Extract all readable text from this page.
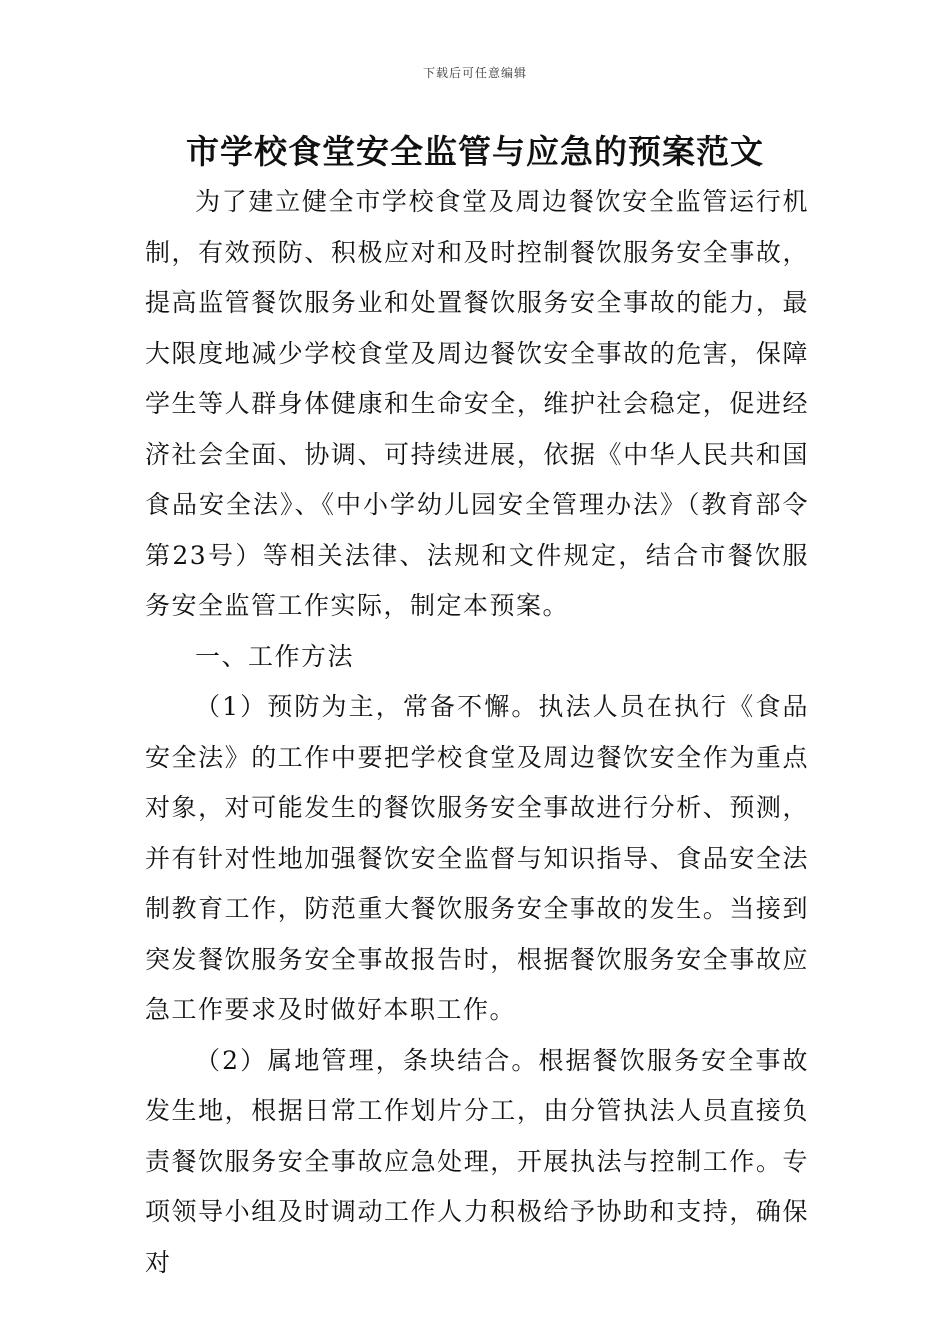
下载后可任意编辑
市学校食堂安全监管与应急的预案范文

为了建立健全市学校食堂及周边餐饮安全监管运行机制，有效预防、积极应对和及时控制餐饮服务安全事故，提高监管餐饮服务业和处置餐饮服务安全事故的能力，最大限度地减少学校食堂及周边餐饮安全事故的危害，保障学生等人群身体健康和生命安全，维护社会稳定，促进经济社会全面、协调、可持续进展，依据《中华人民共和国食品安全法》、《中小学幼儿园安全管理办法》（教育部令第23号）等相关法律、法规和文件规定，结合市餐饮服务安全监管工作实际，制定本预案。

一、工作方法

（1）预防为主，常备不懈。执法人员在执行《食品安全法》的工作中要把学校食堂及周边餐饮安全作为重点对象，对可能发生的餐饮服务安全事故进行分析、预测，并有针对性地加强餐饮安全监督与知识指导、食品安全法制教育工作，防范重大餐饮服务安全事故的发生。当接到突发餐饮服务安全事故报告时，根据餐饮服务安全事故应急工作要求及时做好本职工作。

（2）属地管理，条块结合。根据餐饮服务安全事故发生地，根据日常工作划片分工，由分管执法人员直接负责餐饮服务安全事故应急处理，开展执法与控制工作。专项领导小组及时调动工作人力积极给予协助和支持，确保对
